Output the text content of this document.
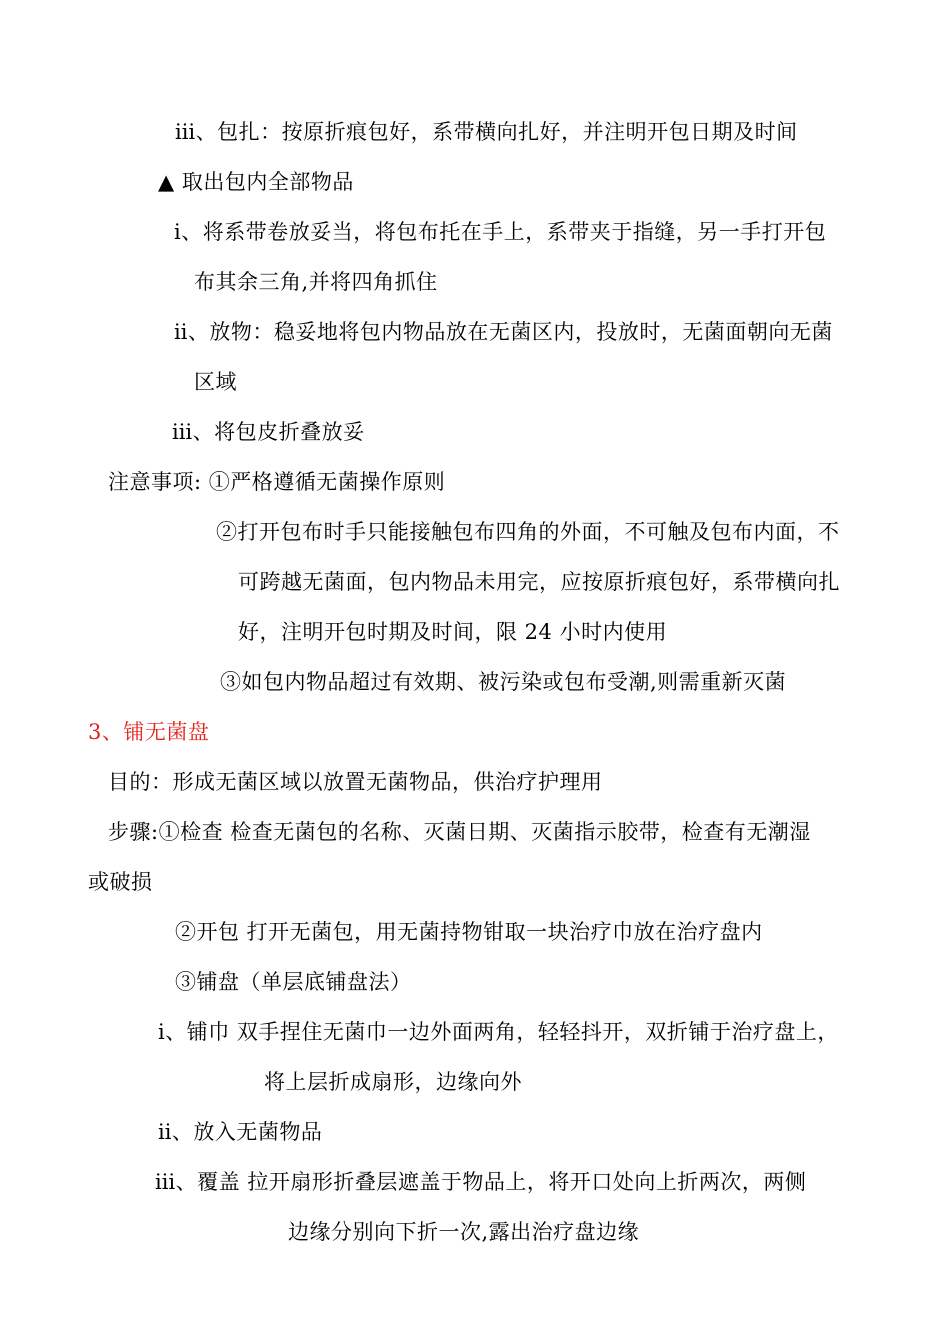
ⅲ、包扎：按原折痕包好，系带横向扎好，并注明开包日期及时间
▲ 取出包内全部物品
ⅰ、将系带卷放妥当，将包布托在手上，系带夹于指缝，另一手打开包
布其余三角,并将四角抓住
ⅱ、放物：稳妥地将包内物品放在无菌区内，投放时，无菌面朝向无菌
区域
ⅲ、将包皮折叠放妥
注意事项: ①严格遵循无菌操作原则
②打开包布时手只能接触包布四角的外面，不可触及包布内面，不
可跨越无菌面，包内物品未用完，应按原折痕包好，系带横向扎
好，注明开包时期及时间，限 24 小时内使用
③如包内物品超过有效期、被污染或包布受潮,则需重新灭菌
3、铺无菌盘
目的：形成无菌区域以放置无菌物品，供治疗护理用
步骤:①检查 检查无菌包的名称、灭菌日期、灭菌指示胶带，检查有无潮湿
或破损
②开包 打开无菌包，用无菌持物钳取一块治疗巾放在治疗盘内
③铺盘（单层底铺盘法）
ⅰ、铺巾 双手捏住无菌巾一边外面两角，轻轻抖开，双折铺于治疗盘上，
将上层折成扇形，边缘向外
ⅱ、放入无菌物品
ⅲ、覆盖 拉开扇形折叠层遮盖于物品上，将开口处向上折两次，两侧
边缘分别向下折一次,露出治疗盘边缘
